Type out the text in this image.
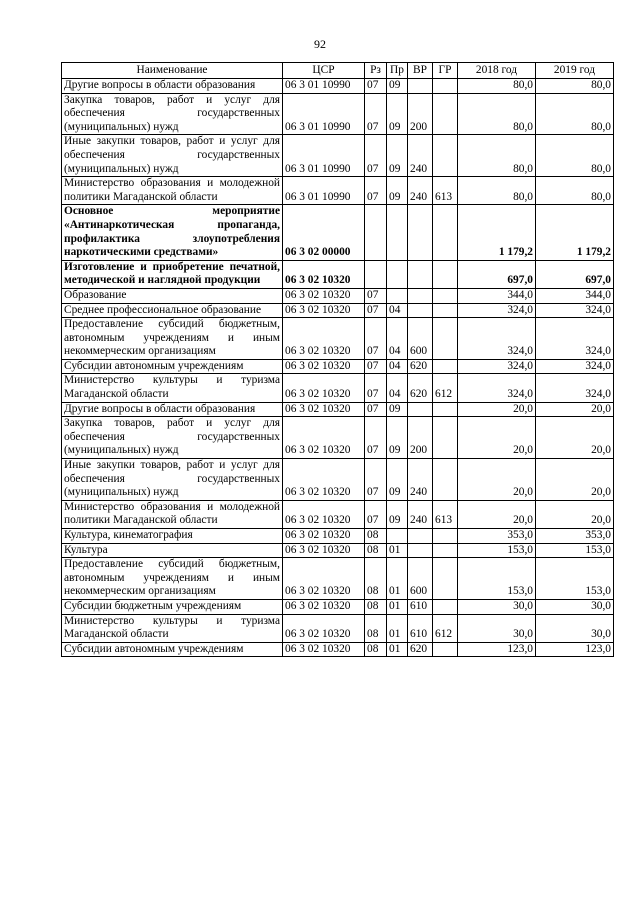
92
Наименование	ЦСР	Рз	Пр	ВР	ГР	2018 год	2019 год
Другие вопросы в области образования	06 3 01 10990	07	09			80,0	80,0
Закупка товаров, работ и услуг для обеспечения государственных (муниципальных) нужд	06 3 01 10990	07	09	200		80,0	80,0
Иные закупки товаров, работ и услуг для обеспечения государственных (муниципальных) нужд	06 3 01 10990	07	09	240		80,0	80,0
Министерство образования и молодежной политики Магаданской области	06 3 01 10990	07	09	240	613	80,0	80,0
Основное мероприятие «Антинаркотическая пропаганда, профилактика злоупотребления наркотическими средствами»	06 3 02 00000					1 179,2	1 179,2
Изготовление и приобретение печатной, методической и наглядной продукции	06 3 02 10320					697,0	697,0
Образование	06 3 02 10320	07				344,0	344,0
Среднее профессиональное образование	06 3 02 10320	07	04			324,0	324,0
Предоставление субсидий бюджетным, автономным учреждениям и иным некоммерческим организациям	06 3 02 10320	07	04	600		324,0	324,0
Субсидии автономным учреждениям	06 3 02 10320	07	04	620		324,0	324,0
Министерство культуры и туризма Магаданской области	06 3 02 10320	07	04	620	612	324,0	324,0
Другие вопросы в области образования	06 3 02 10320	07	09			20,0	20,0
Закупка товаров, работ и услуг для обеспечения государственных (муниципальных) нужд	06 3 02 10320	07	09	200		20,0	20,0
Иные закупки товаров, работ и услуг для обеспечения государственных (муниципальных) нужд	06 3 02 10320	07	09	240		20,0	20,0
Министерство образования и молодежной политики Магаданской области	06 3 02 10320	07	09	240	613	20,0	20,0
Культура, кинематография	06 3 02 10320	08				353,0	353,0
Культура	06 3 02 10320	08	01			153,0	153,0
Предоставление субсидий бюджетным, автономным учреждениям и иным некоммерческим организациям	06 3 02 10320	08	01	600		153,0	153,0
Субсидии бюджетным учреждениям	06 3 02 10320	08	01	610		30,0	30,0
Министерство культуры и туризма Магаданской области	06 3 02 10320	08	01	610	612	30,0	30,0
Субсидии автономным учреждениям	06 3 02 10320	08	01	620		123,0	123,0
